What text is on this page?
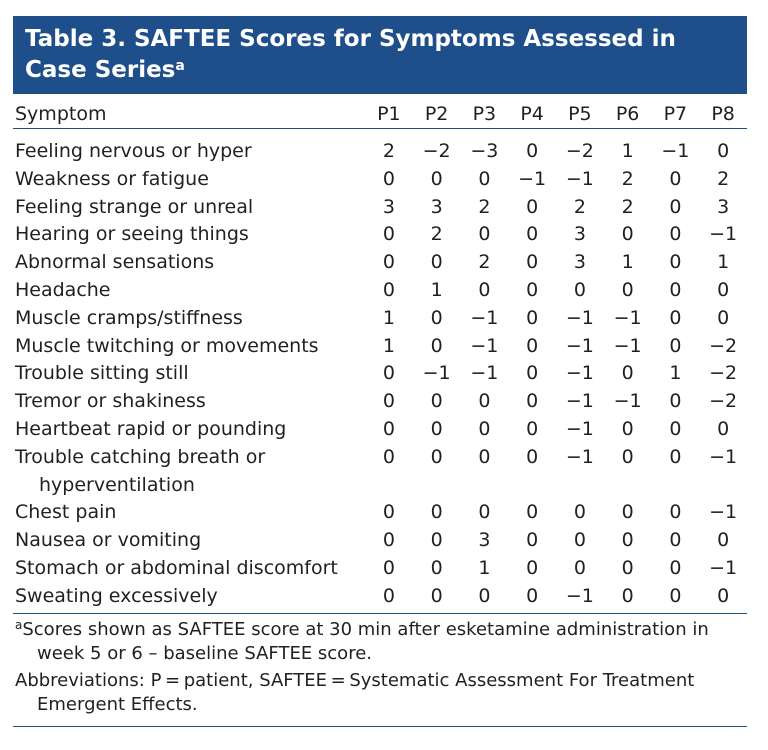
Table 3. SAFTEE Scores for Symptoms Assessed in Case Series$^a$
Symptom	P1	P2	P3	P4	P5	P6	P7	P8
Feeling nervous or hyper	2	−2	−3	0	−2	1	−1	0
Weakness or fatigue	0	0	0	−1	−1	2	0	2
Feeling strange or unreal	3	3	2	0	2	2	0	3
Hearing or seeing things	0	2	0	0	3	0	0	−1
Abnormal sensations	0	0	2	0	3	1	0	1
Headache	0	1	0	0	0	0	0	0
Muscle cramps/stiffness	1	0	−1	0	−1	−1	0	0
Muscle twitching or movements	1	0	−1	0	−1	−1	0	−2
Trouble sitting still	0	−1	−1	0	−1	0	1	−2
Tremor or shakiness	0	0	0	0	−1	−1	0	−2
Heartbeat rapid or pounding	0	0	0	0	−1	0	0	0
Trouble catching breath or
hyperventilation	0	0	0	0	−1	0	0	−1
Chest pain	0	0	0	0	0	0	0	−1
Nausea or vomiting	0	0	3	0	0	0	0	0
Stomach or abdominal discomfort	0	0	1	0	0	0	0	−1
Sweating excessively	0	0	0	0	−1	0	0	0

$^a$Scores shown as SAFTEE score at 30 min after esketamine administration in week 5 or 6 – baseline SAFTEE score.

Abbreviations: P = patient, SAFTEE = Systematic Assessment For Treatment Emergent Effects.
